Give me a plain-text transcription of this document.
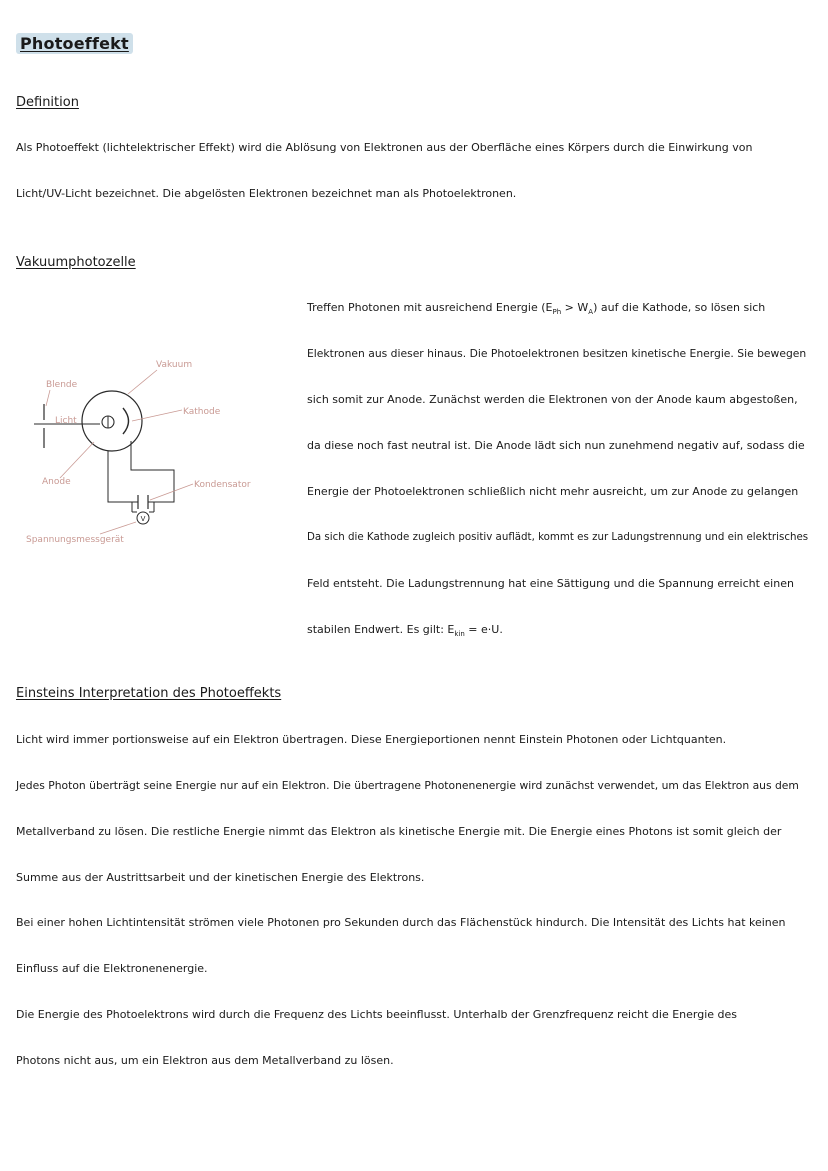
Photoeffekt
Definition

Als Photoeffekt (lichtelektrischer Effekt) wird die Ablösung von Elektronen aus der Oberfläche eines Körpers durch die Einwirkung von

Licht/UV-Licht bezeichnet. Die abgelösten Elektronen bezeichnet man als Photoelektronen.

Vakuumphotozelle
V
Vakuum
Blende
Licht
Kathode
Anode	Kondensator
Spannungsmessgerät

Treffen Photonen mit ausreichend Energie $(E_{Ph} > W_A)$ auf die Kathode, so lösen sich

Elektronen aus dieser hinaus. Die Photoelektronen besitzen kinetische Energie. Sie bewegen

sich somit zur Anode. Zunächst werden die Elektronen von der Anode kaum abgestoßen,

da diese noch fast neutral ist. Die Anode lädt sich nun zunehmend negativ auf, sodass die

Energie der Photoelektronen schließlich nicht mehr ausreicht, um zur Anode zu gelangen

Da sich die Kathode zugleich positiv auflädt, kommt es zur Ladungstrennung und ein elektrisches

Feld entsteht. Die Ladungstrennung hat eine Sättigung und die Spannung erreicht einen

stabilen Endwert. Es gilt: $E_{kin} = e\cdot U$.

Einsteins Interpretation des Photoeffekts

Licht wird immer portionsweise auf ein Elektron übertragen. Diese Energieportionen nennt Einstein Photonen oder Lichtquanten.

Jedes Photon überträgt seine Energie nur auf ein Elektron. Die übertragene Photonenenergie wird zunächst verwendet, um das Elektron aus dem

Metallverband zu lösen. Die restliche Energie nimmt das Elektron als kinetische Energie mit. Die Energie eines Photons ist somit gleich der

Summe aus der Austrittsarbeit und der kinetischen Energie des Elektrons.

Bei einer hohen Lichtintensität strömen viele Photonen pro Sekunden durch das Flächenstück hindurch. Die Intensität des Lichts hat keinen

Einfluss auf die Elektronenenergie.

Die Energie des Photoelektrons wird durch die Frequenz des Lichts beeinflusst. Unterhalb der Grenzfrequenz reicht die Energie des

Photons nicht aus, um ein Elektron aus dem Metallverband zu lösen.
